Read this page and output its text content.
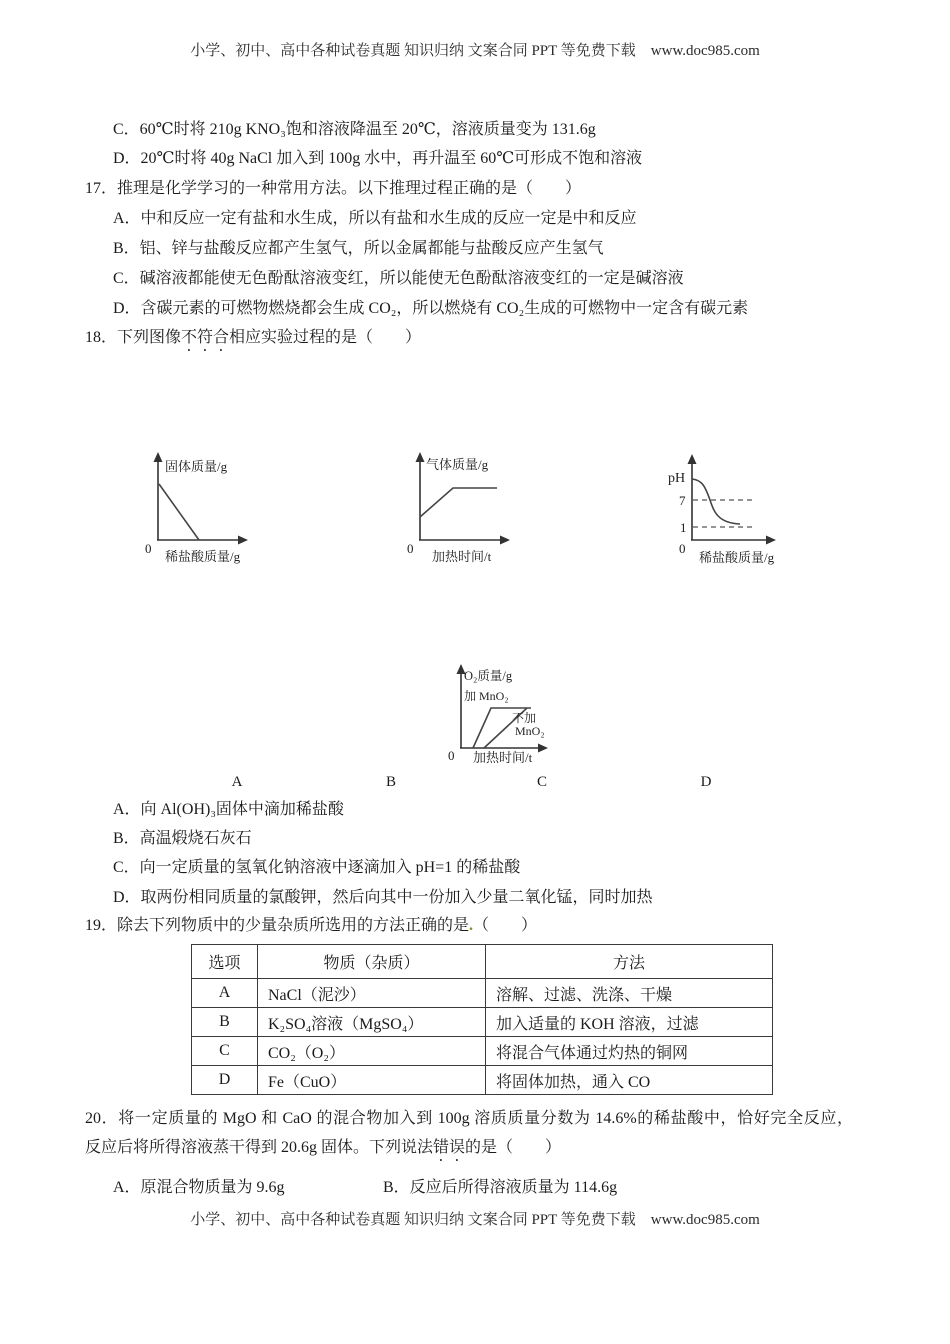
小学、初中、高中各种试卷真题 知识归纳 文案合同 PPT 等免费下载　www.doc985.com
C．60℃时将 210g KNO₃饱和溶液降温至 20℃，溶液质量变为 131.6g
D．20℃时将 40g NaCl 加入到 100g 水中，再升温至 60℃可形成不饱和溶液
17．推理是化学学习的一种常用方法。以下推理过程正确的是（　　）
A．中和反应一定有盐和水生成，所以有盐和水生成的反应一定是中和反应
B．铝、锌与盐酸反应都产生氢气，所以金属都能与盐酸反应产生氢气
C．碱溶液都能使无色酚酞溶液变红，所以能使无色酚酞溶液变红的一定是碱溶液
D．含碳元素的可燃物燃烧都会生成 CO₂，所以燃烧有 CO₂生成的可燃物中一定含有碳元素
18．下列图像不符合相应实验过程的是（　　）
固体质量/g
0
稀盐酸质量/g
气体质量/g
0
加热时间/t
pH
7
1
0
稀盐酸质量/g
O₂质量/g
加 MnO₂
不加
MnO₂
0 加热时间/t
A	B	C	D
A．向 Al(OH)₃固体中滴加稀盐酸
B．高温煅烧石灰石
C．向一定质量的氢氧化钠溶液中逐滴加入 pH=1 的稀盐酸
D．取两份相同质量的氯酸钾，然后向其中一份加入少量二氧化锰，同时加热
19．除去下列物质中的少量杂质所选用的方法正确的是.（　　）
选项	物质（杂质）	方法
A	NaCl（泥沙）	溶解、过滤、洗涤、干燥
B	K₂SO₄溶液（MgSO₄）	加入适量的 KOH 溶液，过滤
C	CO₂（O₂）	将混合气体通过灼热的铜网
D	Fe（CuO）	将固体加热，通入 CO
20．将一定质量的 MgO 和 CaO 的混合物加入到 100g 溶质质量分数为 14.6%的稀盐酸中，恰好完全反应，
反应后将所得溶液蒸干得到 20.6g 固体。下列说法错误的是（　　）
A．原混合物质量为 9.6g	B．反应后所得溶液质量为 114.6g
小学、初中、高中各种试卷真题 知识归纳 文案合同 PPT 等免费下载　www.doc985.com
